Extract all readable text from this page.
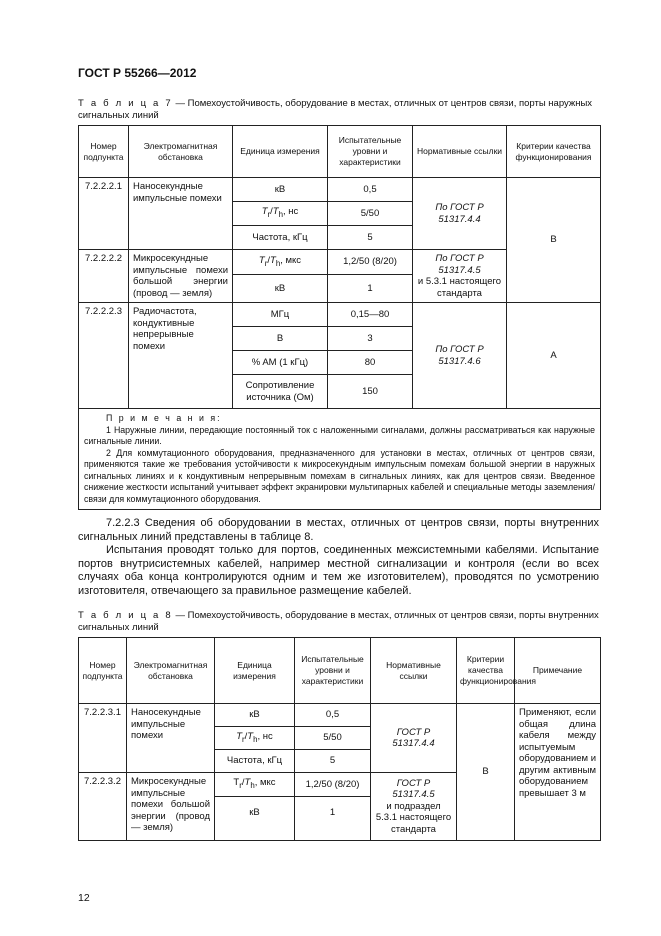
ГОСТ Р 55266—2012
Т а б л и ц а 7 — Помехоустойчивость, оборудование в местах, отличных от центров связи, порты наружных сигнальных линий
Номер подпункта	Электромагнитная обстановка	Единица измерения	Испытательные уровни и характеристики	Нормативные ссылки	Критерии качества функционирования
7.2.2.2.1	Наносекундные импульсные помехи	кВ	0,5	По ГОСТ Р 51317.4.4	B
		$T_r/T_h$, нс	5/50		
		Частота, кГц	5		
7.2.2.2.2	Микросекундные импульсные помехи большой энергии (провод — земля)	$T_r/T_h$, мкс	1,2/50 (8/20)	По ГОСТ Р 51317.4.5
и 5.3.1 настоящего стандарта	
		кВ	1		
7.2.2.2.3	Радиочастота, кондуктивные непрерывные помехи	МГц	0,15—80	По ГОСТ Р 51317.4.6	A
		В	3		
		% AM (1 кГц)	80		
		Сопротивление источника (Ом)	150		

П р и м е ч а н и я:

1 Наружные линии, передающие постоянный ток с наложенными сигналами, должны рассматриваться как наружные сигнальные линии.

2 Для коммутационного оборудования, предназначенного для установки в местах, отличных от центров связи, применяются такие же требования устойчивости к микросекундным импульсным помехам большой энергии в наружных сигнальных линиях и к кондуктивным непрерывным помехам в сигнальных линиях, как для центров связи. Введенное снижение жесткости испытаний учитывает эффект экранировки мультипарных кабелей и специальные методы заземления/связи для коммутационного оборудования.					

7.2.2.3 Сведения об оборудовании в местах, отличных от центров связи, порты внутренних сигнальных линий представлены в таблице 8.

Испытания проводят только для портов, соединенных межсистемными кабелями. Испытание портов внутрисистемных кабелей, например местной сигнализации и контроля (если во всех случаях оба конца контролируются одним и тем же изготовителем), проводятся по усмотрению изготовителя, отвечающего за правильное размещение кабелей.

Т а б л и ц а 8 — Помехоустойчивость, оборудование в местах, отличных от центров связи, порты внутренних сигнальных линий
Номер подпункта	Электромагнитная обстановка	Единица измерения	Испытательные уровни и характеристики	Нормативные ссылки	Критерии качества функционирования	Примечание
7.2.2.3.1	Наносекундные импульсные помехи	кВ	0,5	ГОСТ Р 51317.4.4	B	Применяют, если общая длина кабеля между испытуемым оборудованием и другим активным оборудованием превышает 3 м
		$T_r/T_h$, нс	5/50			
		Частота, кГц	5			
7.2.2.3.2	Микросекундные импульсные помехи большой энергии (провод — земля)	$T_r/T_h$, мкс	1,2/50 (8/20)	ГОСТ Р 51317.4.5
и подраздел 5.3.1 настоящего стандарта		
		кВ	1			
12
